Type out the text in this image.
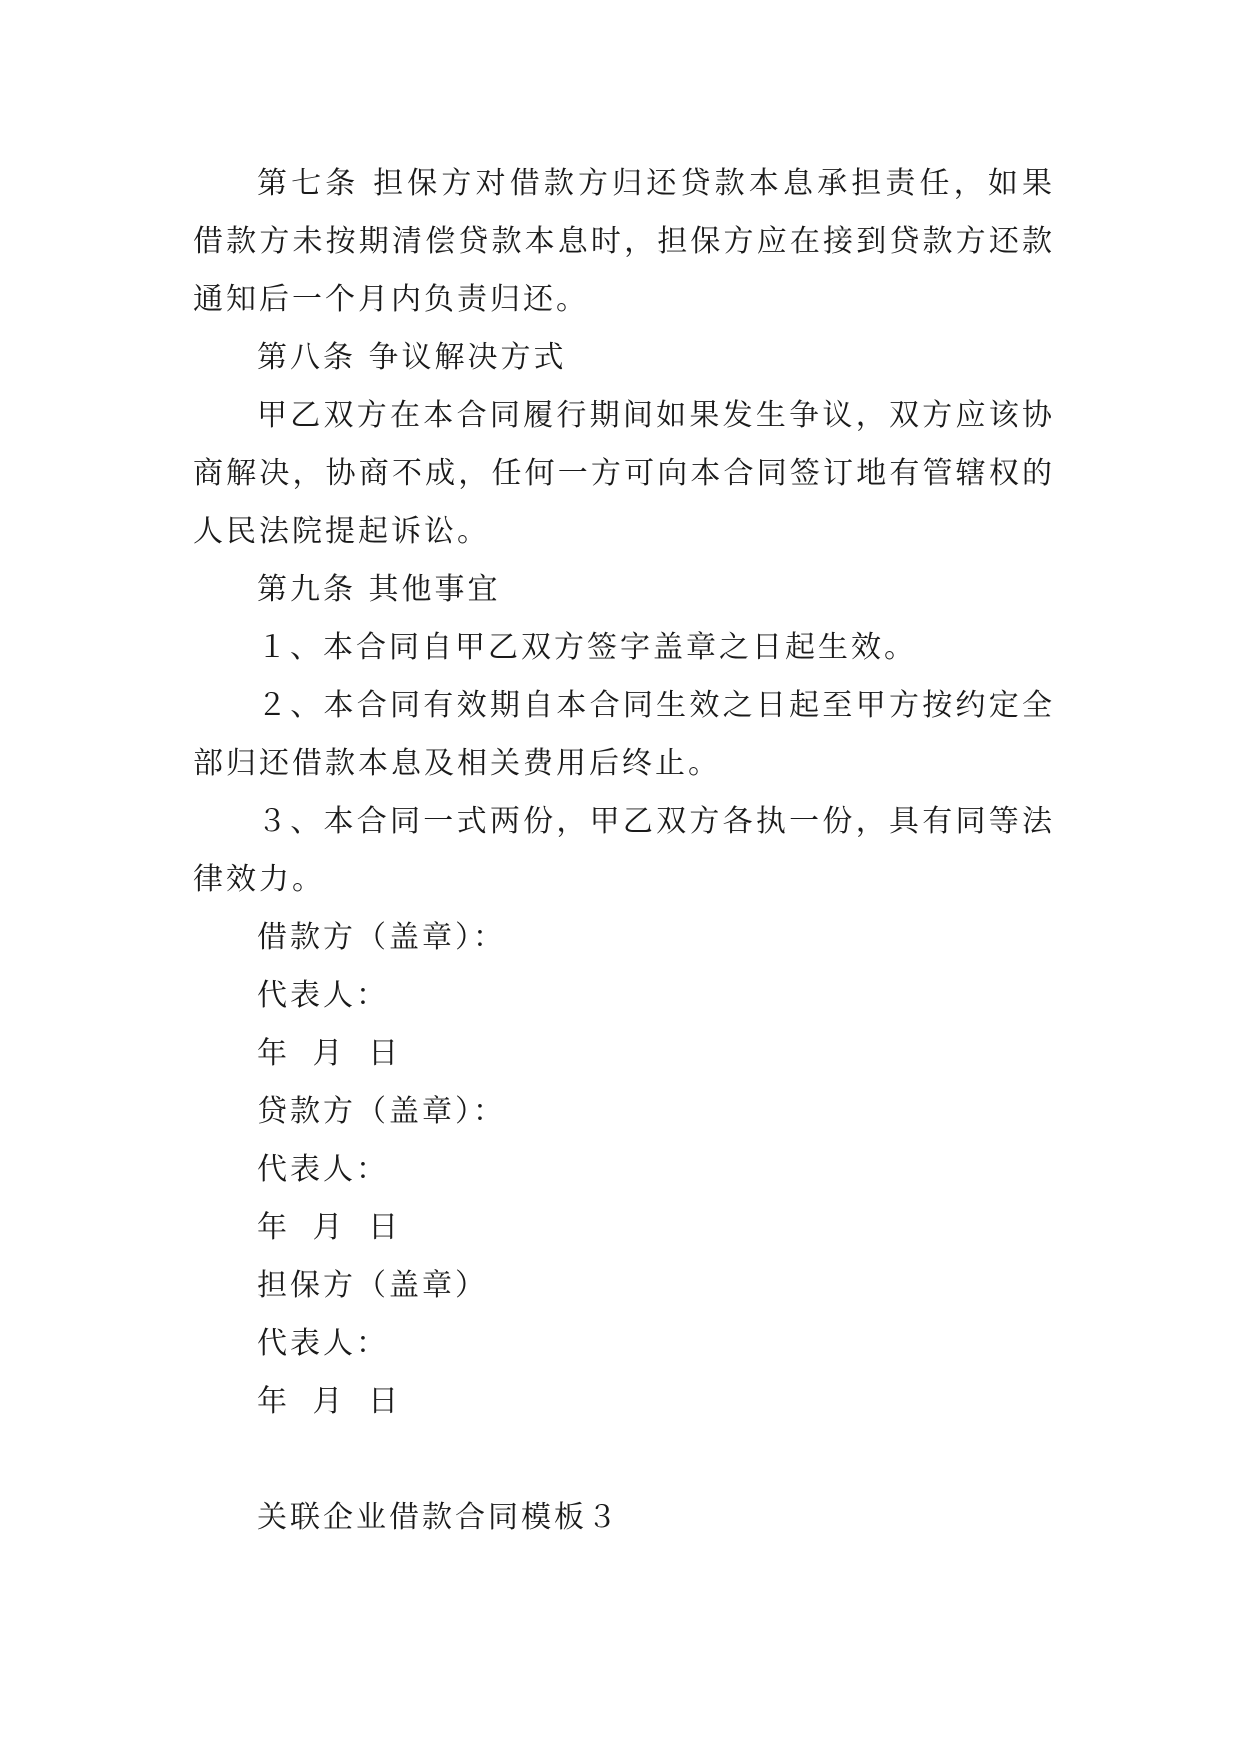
第七条 担保方对借款方归还贷款本息承担责任，如果借款方未按期清偿贷款本息时，担保方应在接到贷款方还款通知后一个月内负责归还。

第八条 争议解决方式

甲乙双方在本合同履行期间如果发生争议，双方应该协商解决，协商不成，任何一方可向本合同签订地有管辖权的人民法院提起诉讼。

第九条 其他事宜

１、本合同自甲乙双方签字盖章之日起生效。

２、本合同有效期自本合同生效之日起至甲方按约定全部归还借款本息及相关费用后终止。

３、本合同一式两份，甲乙双方各执一份，具有同等法律效力。

借款方（盖章）：

代表人：

年 月 日

贷款方（盖章）：

代表人：

年 月 日

担保方（盖章）

代表人：

年 月 日

关联企业借款合同模板３
